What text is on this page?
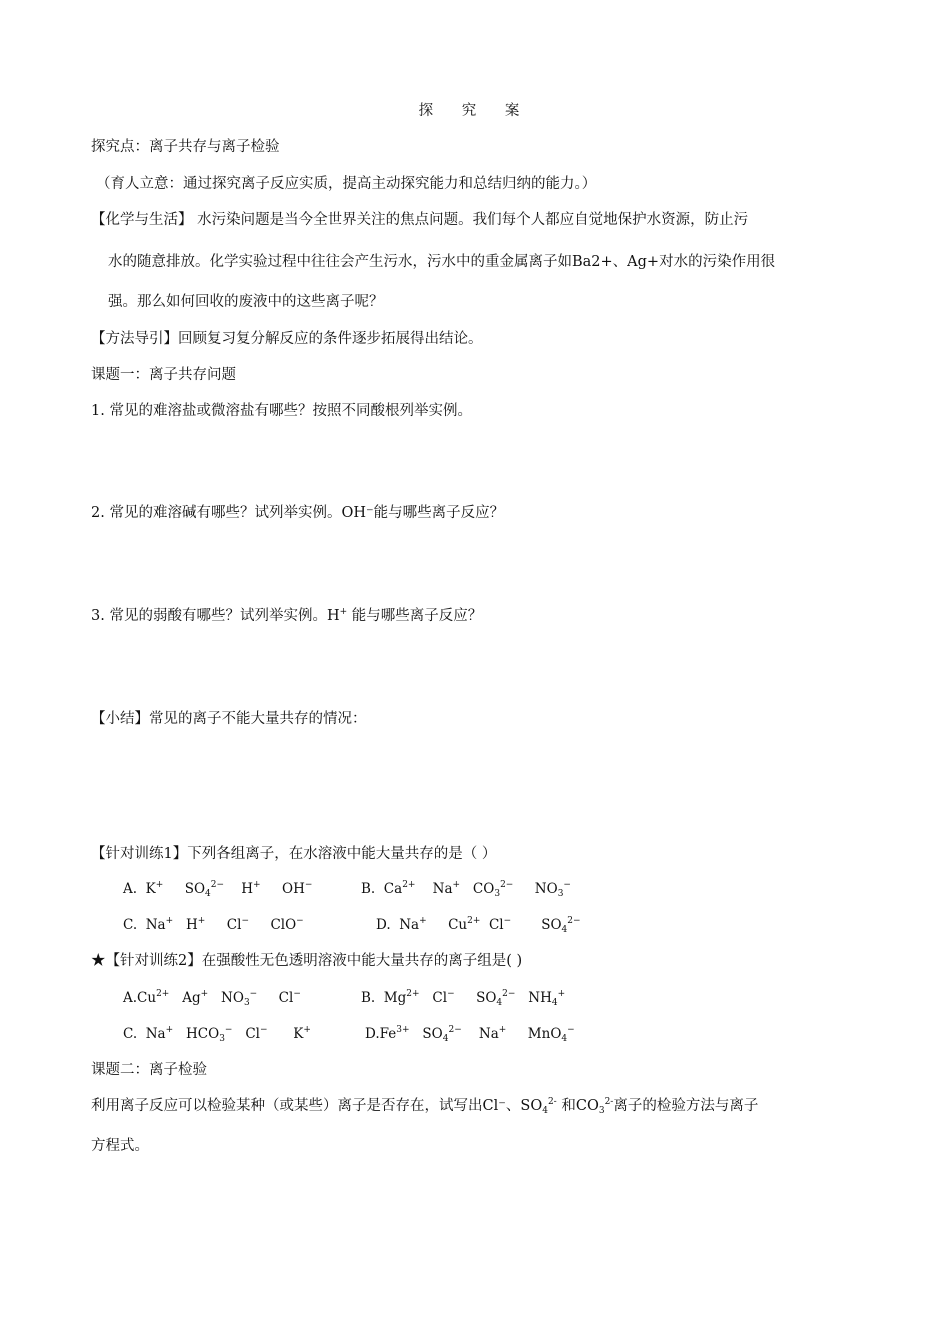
探 究 案
探究点：离子共存与离子检验
（育人立意：通过探究离子反应实质，提高主动探究能力和总结归纳的能力。）
【化学与生活】 水污染问题是当今全世界关注的焦点问题。我们每个人都应自觉地保护水资源，防止污
水的随意排放。化学实验过程中往往会产生污水，污水中的重金属离子如Ba2+、Ag+对水的污染作用很
强。那么如何回收的废液中的这些离子呢？
【方法导引】回顾复习复分解反应的条件逐步拓展得出结论。
课题一：离子共存问题
1. 常见的难溶盐或微溶盐有哪些？按照不同酸根列举实例。
2. 常见的难溶碱有哪些？试列举实例。OH⁻能与哪些离子反应？
3. 常见的弱酸有哪些？试列举实例。H+ 能与哪些离子反应？
【小结】常见的离子不能大量共存的情况：
【针对训练1】下列各组离子，在水溶液中能大量共存的是（ ）
A.  K+     $SO_4^{2-}$    H+     OH−	B.  $Ca^{2+}$    Na+   $CO_3^{2-}$     $NO_3^-$
C.  Na+   H+     Cl−     ClO−	D.  Na+     $Cu^{2+}$  Cl−       $SO_4^{2-}$
★【针对训练2】在强酸性无色透明溶液中能大量共存的离子组是( )
$A.Cu^{2+}$   Ag+   $NO_3^-$     Cl−	B.  $Mg^{2+}$   Cl−     $SO_4^{2-}$   $NH_4^+$
C.  Na+   $HCO_3^-$   Cl−      K+	$D.Fe^{3+}$   $SO_4^{2-}$    Na+     MnO$_4$−
课题二：离子检验
利用离子反应可以检验某种（或某些）离子是否存在，试写出Cl⁻、$SO_4^{2-}$ 和$CO_3^{2-}$离子的检验方法与离子
方程式。
